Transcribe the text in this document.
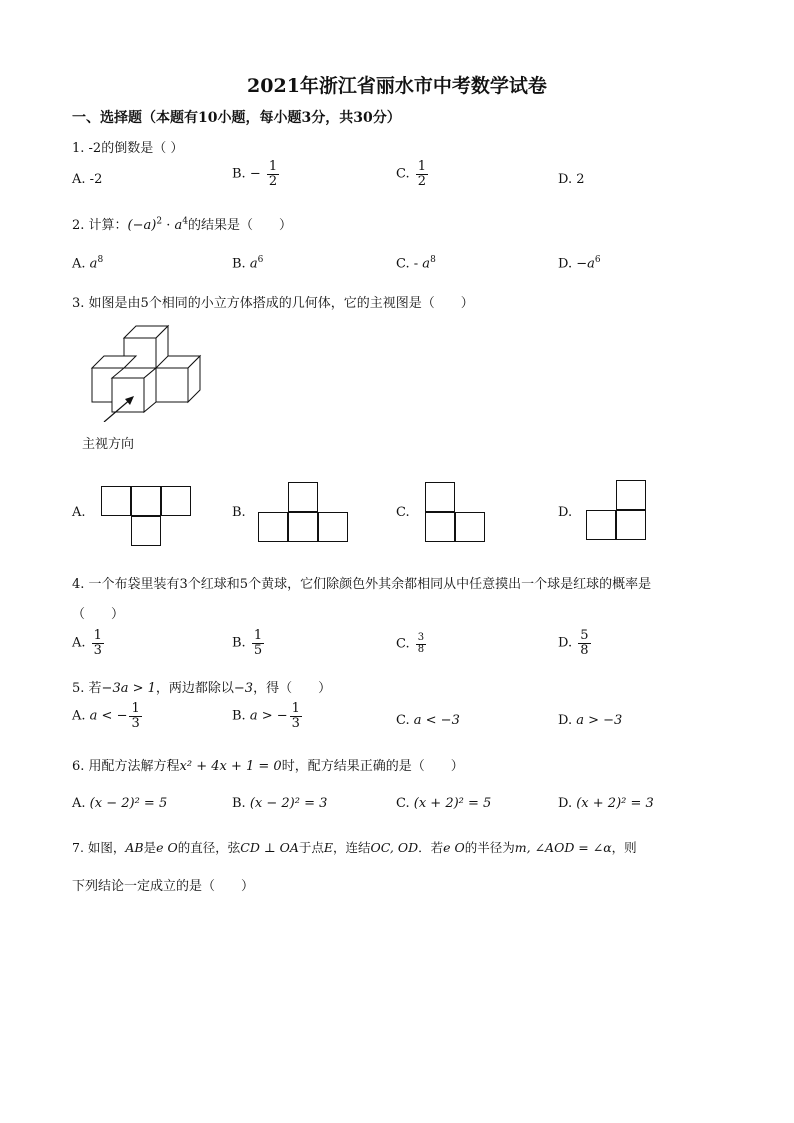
2021年浙江省丽水市中考数学试卷
一、选择题（本题有10小题，每小题3分，共30分）
1. -2的倒数是（ ）
A. -2	B. − $\frac{1}{2}$	C. $\frac{1}{2}$	D. 2
2. 计算：$(-a)^2 \cdot a^4$的结果是（　　）
A. $a^8$	B. $a^6$	C. - $a^8$	D. $-a^6$
3. 如图是由5个相同的小立方体搭成的几何体，它的主视图是（　　）
主视方向
A.	B.	C.	D.
4. 一个布袋里装有3个红球和5个黄球，它们除颜色外其余都相同从中任意摸出一个球是红球的概率是
（　　）
A. $\frac{1}{3}$	B. $\frac{1}{5}$	C. $\frac{3}{8}$	D. $\frac{5}{8}$
5. 若−3a > 1，两边都除以−3，得（　　）
A. a < − $\frac{1}{3}$	B. a > − $\frac{1}{3}$	C. a < −3	D. a > −3
6. 用配方法解方程x² + 4x + 1 = 0时，配方结果正确的是（　　）
A. (x − 2)² = 5	B. (x − 2)² = 3	C. (x + 2)² = 5	D. (x + 2)² = 3
7. 如图，AB是e O的直径，弦CD ⊥ OA于点E，连结OC, OD．若e O的半径为m, ∠AOD = ∠α，则
下列结论一定成立的是（　　）
